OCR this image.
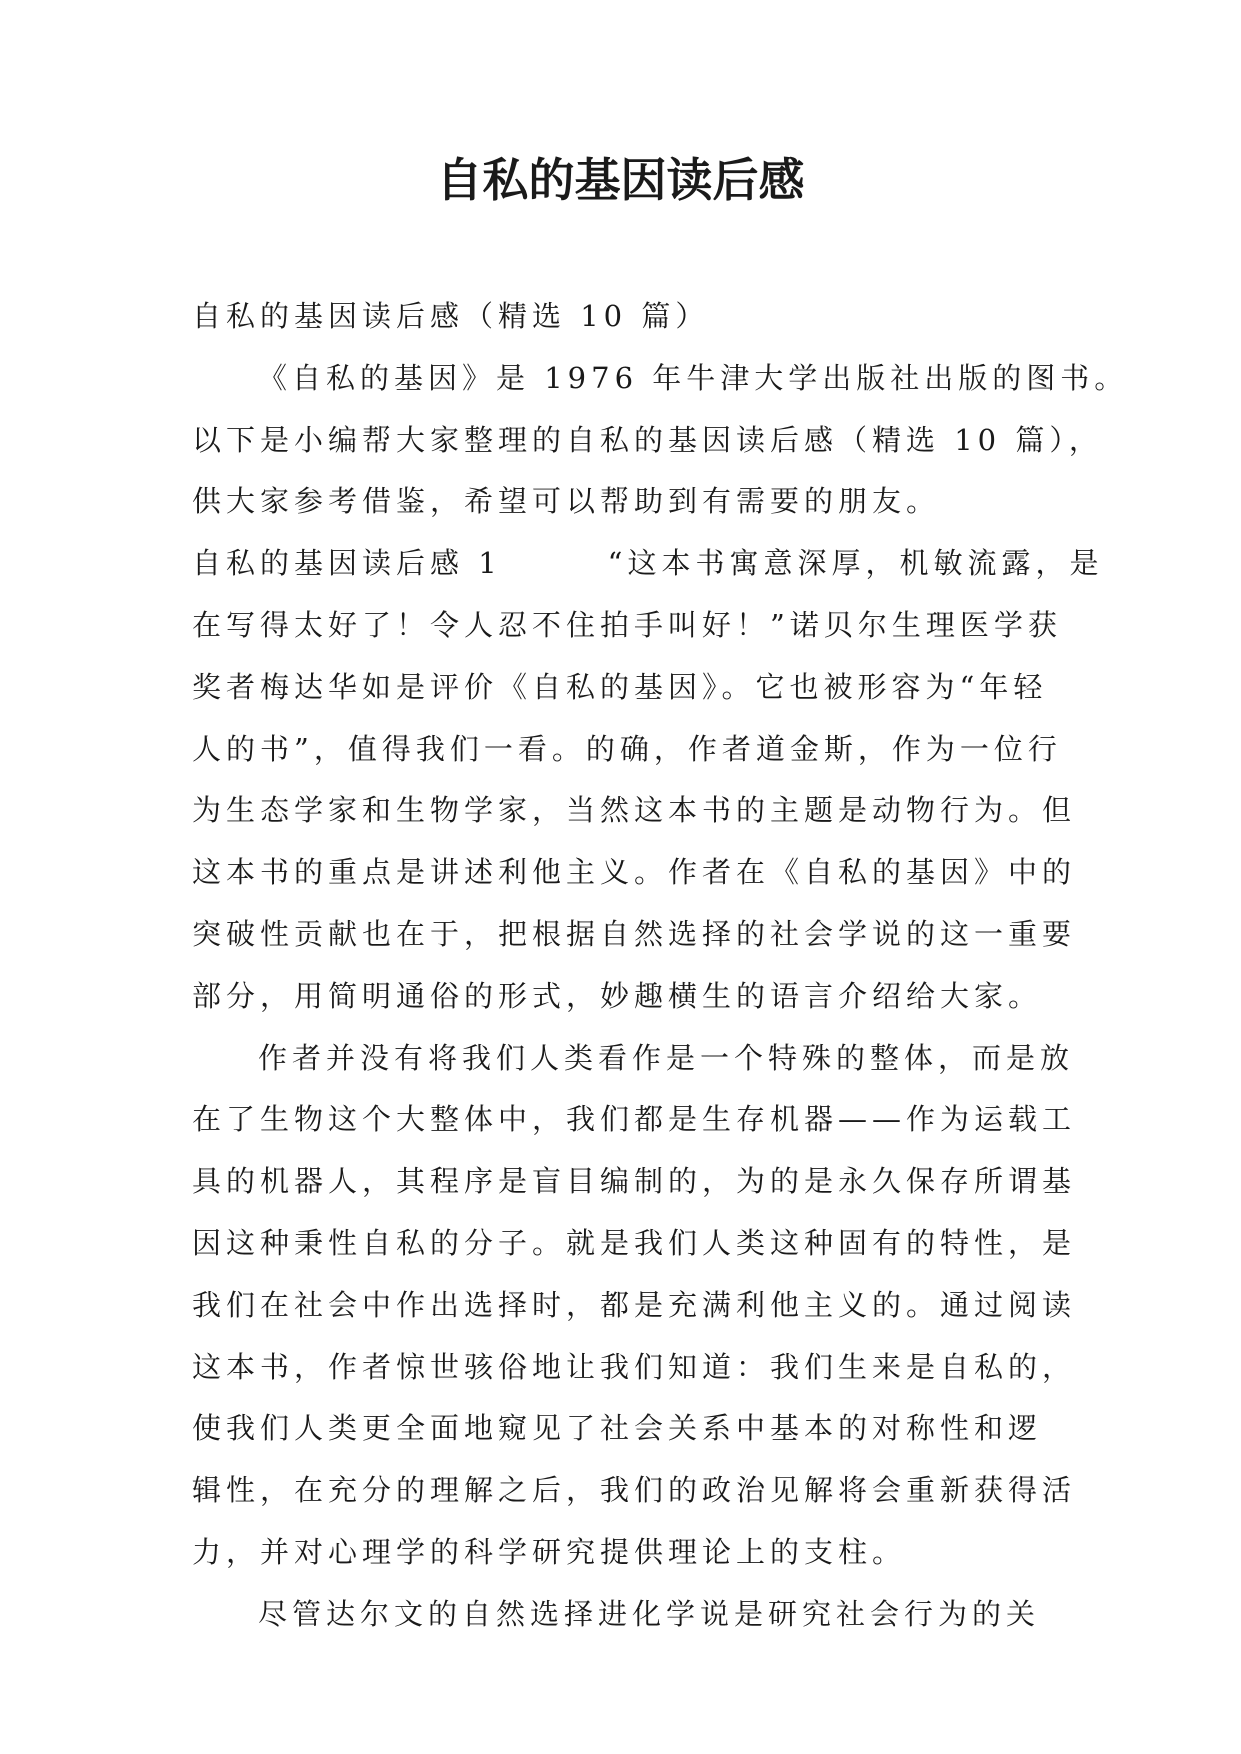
自私的基因读后感
自私的基因读后感（精选 10 篇）
《自私的基因》是 1976 年牛津大学出版社出版的图书。
以下是小编帮大家整理的自私的基因读后感（精选 10 篇），
供大家参考借鉴，希望可以帮助到有需要的朋友。
自私的基因读后感 1	“这本书寓意深厚，机敏流露，是
在写得太好了！令人忍不住拍手叫好！”诺贝尔生理医学获
奖者梅达华如是评价《自私的基因》。它也被形容为“年轻
人的书”，值得我们一看。的确，作者道金斯，作为一位行
为生态学家和生物学家，当然这本书的主题是动物行为。但
这本书的重点是讲述利他主义。作者在《自私的基因》中的
突破性贡献也在于，把根据自然选择的社会学说的这一重要
部分，用简明通俗的形式，妙趣横生的语言介绍给大家。
作者并没有将我们人类看作是一个特殊的整体，而是放
在了生物这个大整体中，我们都是生存机器——作为运载工
具的机器人，其程序是盲目编制的，为的是永久保存所谓基
因这种秉性自私的分子。就是我们人类这种固有的特性，是
我们在社会中作出选择时，都是充满利他主义的。通过阅读
这本书，作者惊世骇俗地让我们知道：我们生来是自私的，
使我们人类更全面地窥见了社会关系中基本的对称性和逻
辑性，在充分的理解之后，我们的政治见解将会重新获得活
力，并对心理学的科学研究提供理论上的支柱。
尽管达尔文的自然选择进化学说是研究社会行为的关
